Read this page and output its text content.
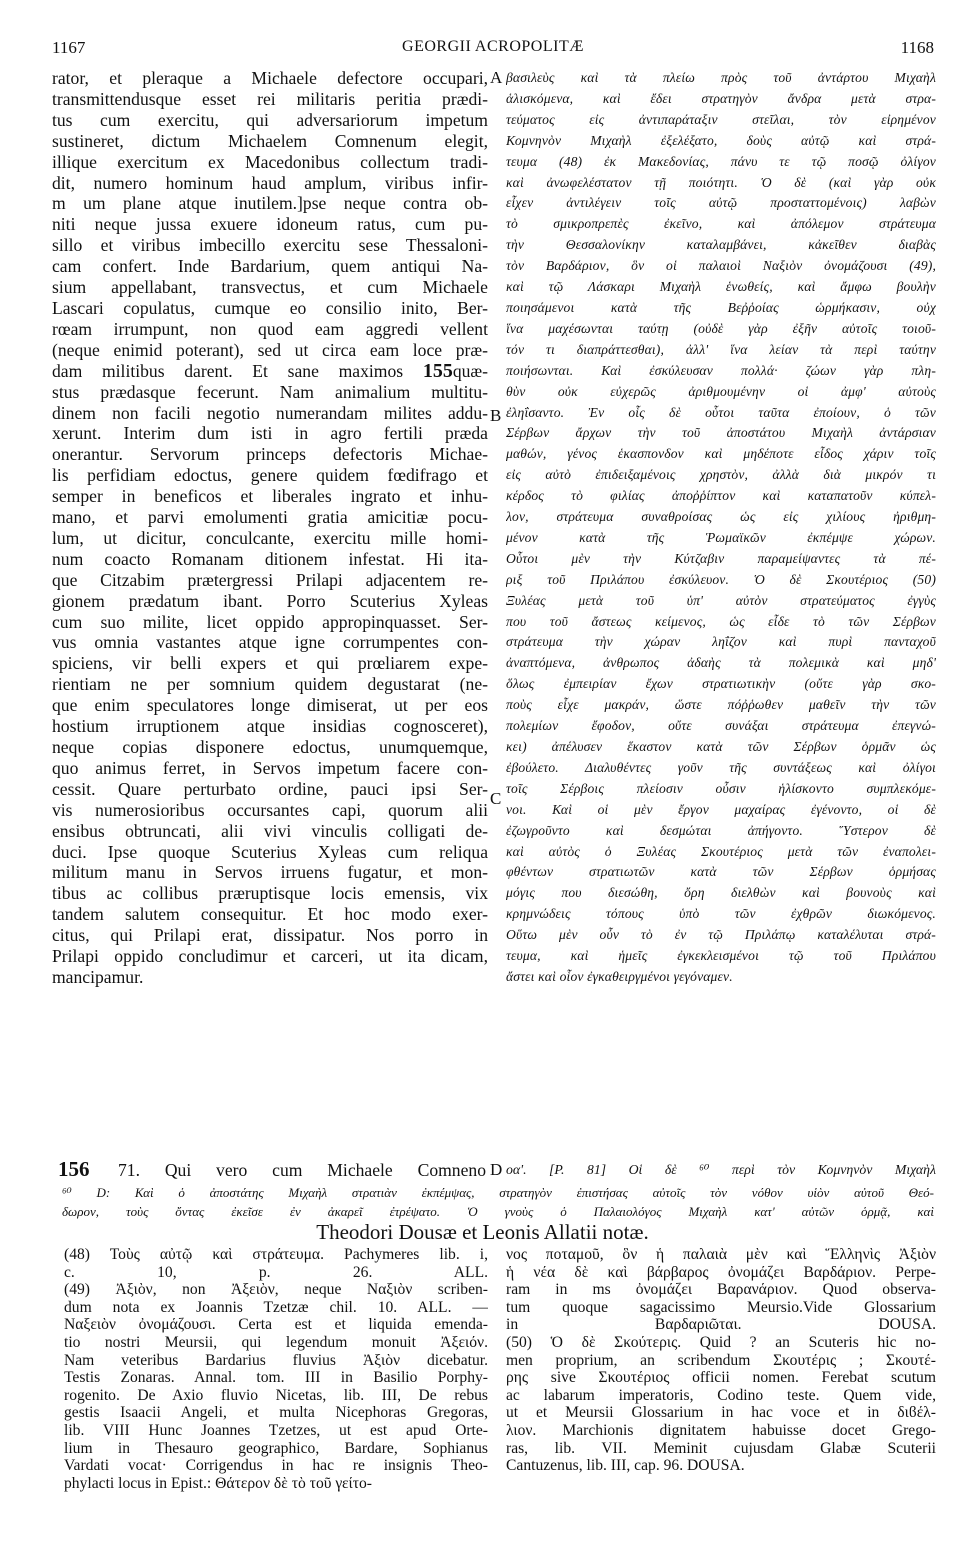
1167	GEORGII ACROPOLITÆ	1168
rator, et pleraque a Michaele defectore occupari,
transmittendusque esset rei militaris peritia prædi-
tus cum exercitu, qui adversariorum impetum
sustineret, dictum Michaelem Comnenum elegit,
illique exercitum ex Macedonibus collectum tradi-
dit, numero hominum haud amplum, viribus infir-
m um plane atque inutilem.]pse neque contra ob-
niti neque jussa exuere idoneum ratus, cum pu-
sillo et viribus imbecillo exercitu sese Thessaloni-
cam confert. Inde Bardarium, quem antiqui Na-
sium appellabant, transvectus, et cum Michaele
Lascari copulatus, cumque eo consilio inito, Ber-
rœam irrumpunt, non quod eam aggredi vellent
(neque enimid poterant), sed ut circa eam loce præ-
dam militibus darent. Et sane maximos 155quæ-
stus prædasque fecerunt. Nam animalium multitu-
dinem non facili negotio numerandam milites addu-
xerunt. Interim dum isti in agro fertili præda
onerantur. Servorum princeps defectoris Michae-
lis perfidiam edoctus, genere quidem fœdifrago et
semper in beneficos et liberales ingrato et inhu-
mano, et parvi emolumenti gratia amicitiæ pocu-
lum, ut dicitur, conculcante, exercitu mille homi-
num coacto Romanam ditionem infestat. Hi ita-
que Citzabim prætergressi Prilapi adjacentem re-
gionem prædatum ibant. Porro Scuterius Xyleas
cum suo milite, licet oppido appropinquasset. Ser-
vus omnia vastantes atque igne corrumpentes con-
spiciens, vir belli expers et qui prœliarem expe-
rientiam ne per somnium quidem degustarat (ne-
que enim speculatores longe dimiserat, ut per eos
hostium irruptionem atque insidias cognosceret),
neque copias disponere edoctus, unumquemque,
quo animus ferret, in Servos impetum facere con-
cessit. Quare perturbato ordine, pauci ipsi Ser-
vis numerosioribus occursantes capi, quorum alii
ensibus obtruncati, alii vivi vinculis colligati de-
duci. Ipse quoque Scuterius Xyleas cum reliqua
militum manu in Servos irruens fugatur, et mon-
tibus ac collibus præruptisque locis emensis, vix
tandem salutem consequitur. Et hoc modo exer-
citus, qui Prilapi erat, dissipatur. Nos porro in
Prilapi oppido concludimur et carceri, ut ita dicam,
mancipamur.
βασιλεὺς καὶ τὰ πλείω πρὸς τοῦ ἀντάρτου Μιχαὴλ
ἁλισκόμενα, καὶ ἔδει στρατηγὸν ἄνδρα μετὰ στρα-
τεύματος εἰς ἀντιπαράταξιν στεῖλαι, τὸν εἰρημένον
Κομνηνὸν Μιχαὴλ ἐξελέξατο, δοὺς αὐτῷ καὶ στρά-
τευμα (48) ἐκ Μακεδονίας, πάνυ τε τῷ ποσῷ ὀλίγον
καὶ ἀνωφελέστατον τῇ ποιότητι. Ὁ δὲ (καὶ γὰρ οὐκ
εἶχεν ἀντιλέγειν τοῖς αὐτῷ προσταττομένοις) λαβὼν
τὸ σμικροπρεπὲς ἐκεῖνο, καὶ ἀπόλεμον στράτευμα
τὴν Θεσσαλονίκην καταλαμβάνει, κἀκεῖθεν διαβὰς
τὸν Βαρδάριον, ὃν οἱ παλαιοὶ Ναξιὸν ὀνομάζουσι (49),
καὶ τῷ Λάσκαρι Μιχαὴλ ἑνωθείς, καὶ ἄμφω βουλὴν
ποιησάμενοι κατὰ τῆς Βεῤῥοίας ὡρμήκασιν, οὐχ
ἵνα μαχέσωνται ταύτῃ (οὐδὲ γὰρ ἐξῆν αὐτοῖς τοιοῦ-
τόν τι διαπράττεσθαι), ἀλλ' ἵνα λείαν τὰ περὶ ταύτην
ποιήσωνται. Καὶ ἐσκύλευσαν πολλά· ζώων γὰρ πλη-
θὺν οὐκ εὐχερῶς ἀριθμουμένην οἱ ἀμφ' αὐτοὺς
ἐληΐσαντο. Ἐν οἷς δὲ οὗτοι ταῦτα ἐποίουν, ὁ τῶν
Σέρβων ἄρχων τὴν τοῦ ἀποστάτου Μιχαὴλ ἀντάρσιαν
μαθών, γένος ἑκασπονδον καὶ μηδέποτε εἶδος χάριν τοῖς
εἰς αὐτὸ ἐπιδειξαμένοις χρηστὸν, ἀλλὰ διὰ μικρόν τι
κέρδος τὸ φιλίας ἀποῤῥίπτον καὶ καταπατοῦν κύπελ-
λον, στράτευμα συναθροίσας ὡς εἰς χιλίους ἠριθμη-
μένον κατὰ τῆς Ῥωμαϊκῶν ἐκπέμψε χώρων.
Οὗτοι μὲν τὴν Κύτζαβιν παραμείψαντες τὰ πέ-
ριξ τοῦ Πριλάπου ἐσκύλευον. Ὁ δὲ Σκουτέριος (50)
Ξυλέας μετὰ τοῦ ὑπ' αὐτὸν στρατεύματος ἐγγὺς
που τοῦ ἄστεως κείμενος, ὡς εἶδε τὸ τῶν Σέρβων
στράτευμα τὴν χώραν ληΐζον καὶ πυρὶ πανταχοῦ
ἀναπτόμενα, ἀνθρωπος ἀδαὴς τὰ πολεμικὰ καὶ μηδ'
ὅλως ἐμπειρίαν ἔχων στρατιωτικὴν (οὔτε γὰρ σκο-
ποὺς εἶχε μακράν, ὥστε πόῤῥωθεν μαθεῖν τὴν τῶν
πολεμίων ἔφοδον, οὔτε συνάξαι στράτευμα ἐπεγνώ-
κει) ἀπέλυσεν ἕκαστον κατὰ τῶν Σέρβων ὁρμᾶν ὡς
ἐβούλετο. Διαλυθέντες γοῦν τῆς συντάξεως καὶ ὀλίγοι
τοῖς Σέρβοις πλείοσιν οὖσιν ἡλίσκοντο συμπλεκόμε-
νοι. Καὶ οἱ μὲν ἔργον μαχαίρας ἐγένοντο, οἱ δὲ
ἐζωγροῦντο καὶ δεσμώται ἀπήγοντο. Ὕστερον δὲ
καὶ αὐτὸς ὁ Ξυλέας Σκουτέριος μετὰ τῶν ἐναπολει-
φθέντων στρατιωτῶν κατὰ τῶν Σέρβων ὁρμήσας
μόγις που διεσώθη, ὄρη διελθὼν καὶ βουνοὺς καὶ
κρημνώδεις τόπους ὑπὸ τῶν ἐχθρῶν διωκόμενος.
Οὕτω μὲν οὖν τὸ ἐν τῷ Πριλάπῳ καταλέλυται στρά-
τευμα, καὶ ἡμεῖς ἐγκεκλεισμένοι τῷ τοῦ Πριλάπου
ἄστει καὶ οἷον ἐγκαθειργμένοι γεγόναμεν.
A
B
C
D
156 71. Qui vero cum Michaele Comneno οα'. [P. 81] Οἱ δὲ ⁶⁰ περὶ τὸν Κομνηνὸν Μιχαὴλ
⁶⁰ D: Καὶ ὁ ἀποστάτης Μιχαὴλ στρατιὰν ἐκπέμψας, στρατηγὸν ἐπιστήσας αὐτοῖς τὸν νόθον υἱὸν αὐτοῦ Θεό-
δωρον, τοὺς ὄντας ἐκεῖσε ἐν ἀκαρεῖ ἐτρέψατο. Ὁ γνοὺς ὁ Παλαιολόγος Μιχαὴλ κατ' αὐτῶν ὁρμᾷ, καὶ
Theodori Dousæ et Leonis Allatii notæ.
(48) Τοὺς αὐτῷ καὶ στράτευμα. Pachymeres lib. i,
c. 10, p. 26. ALL.
(49) Ἀξιὸν, non Ἀξειὸν, neque Ναξιὸν scriben-
dum nota ex Joannis Tzetzæ chil. 10. ALL. —
Ναξειὸν ὀνομάζουσι. Certa est et liquida emenda-
tio nostri Meursii, qui legendum monuit Ἀξειόν.
Nam veteribus Bardarius fluvius Ἀξιὸν dicebatur.
Testis Zonaras. Annal. tom. III in Basilio Porphy-
rogenito. De Axio fluvio Nicetas, lib. III, De rebus
gestis Isaacii Angeli, et multa Nicephoras Gregoras,
lib. VIII Hunc Joannes Tzetzes, ut est apud Orte-
lium in Thesauro geographico, Bardare, Sophianus
Vardati vocat· Corrigendus in hac re insignis Theo-
phylacti locus in Epist.: Θάτερον δὲ τὸ τοῦ γείτο-
νος ποταμοῦ, ὃν ἡ παλαιὰ μὲν καὶ Ἕλληνὶς Ἀξιὸν
ἡ νέα δὲ καὶ βάρβαρος ὀνομάζει Βαρδάριον. Perpe-
ram in ms ὀνομάζει Βαρανάριον. Quod observa-
tum quoque sagacissimo Meursio.Vide Glossarium
in Βαρδαριῶται. DOUSA.
(50) Ὁ δὲ Σκούτερις. Quid ? an Scuteris hic no-
men proprium, an scribendum Σκουτέρις ; Σκουτέ-
ρης sive Σκουτέριος officii nomen. Ferebat scutum
ac labarum imperatoris, Codino teste. Quem vide,
ut et Meursii Glossarium in hac voce et in διϐέλ-
λιον. Marchionis dignitatem habuisse docet Grego-
ras, lib. VII. Meminit cujusdam Glabæ Scuterii
Cantuzenus, lib. III, cap. 96. DOUSA.
